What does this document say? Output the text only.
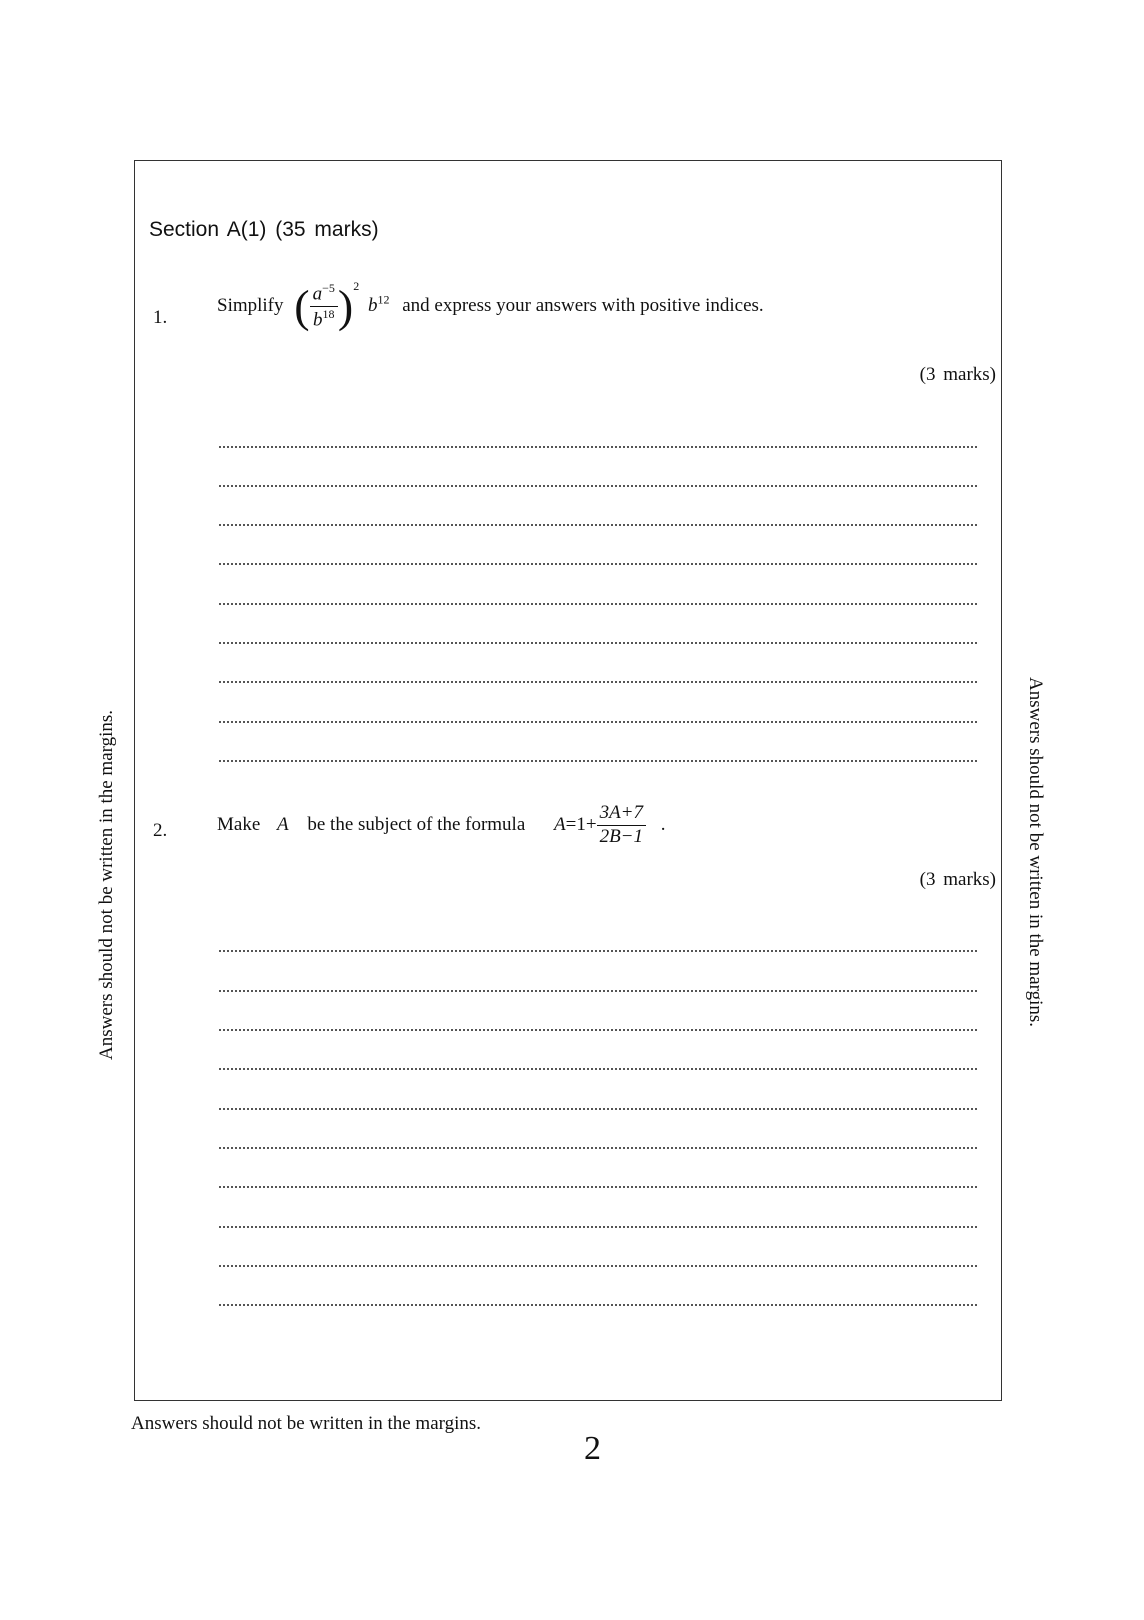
Section A(1) (35 marks)
1.
Simplify ( $\frac{a^{-5}}{b^{18}} )^2$ $b^{12}$ and express your answers with positive indices.
(3 marks)
2.	Make A be the subject of the formula $A=1+ \frac{3A+7}{2B-1}$ .
(3 marks)
Answers should not be written in the margins.	Answers should not be written in the margins.
Answers should not be written in the margins.
2
